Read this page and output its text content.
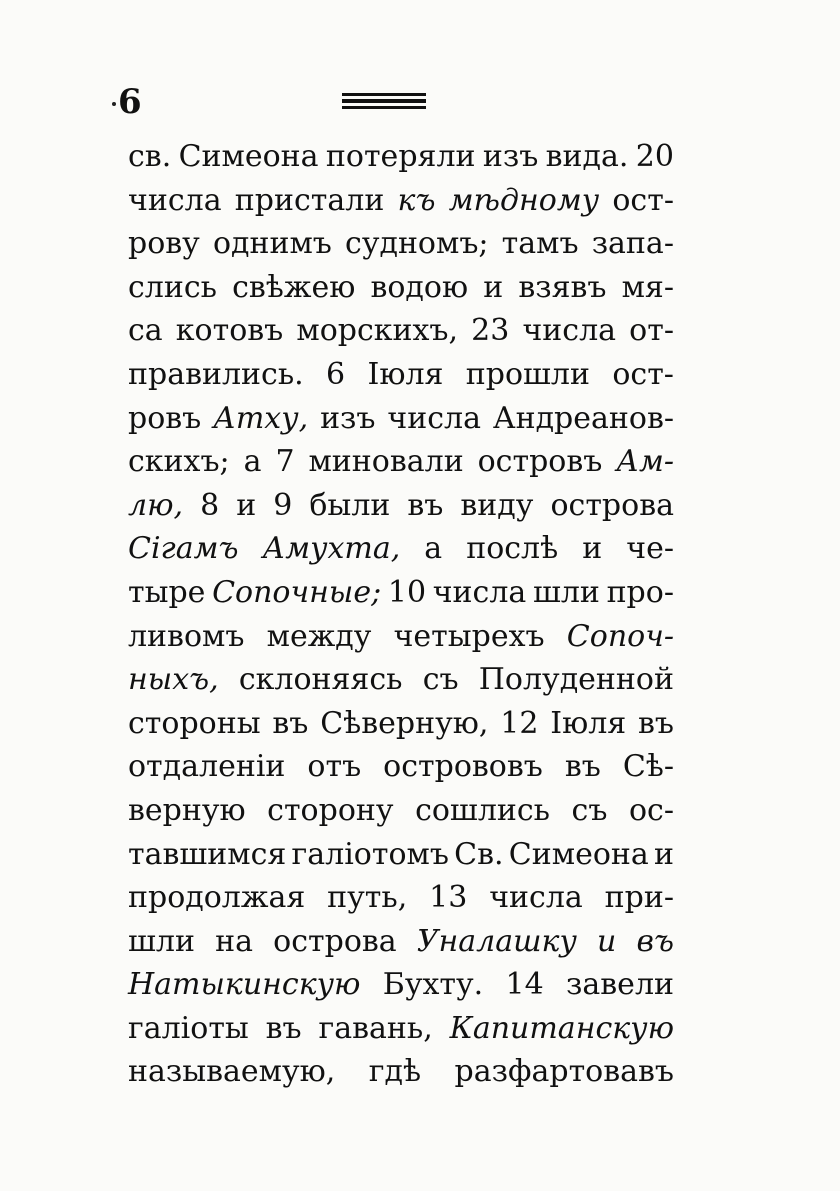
6
св. Симеона потеряли изъ вида. 20
числа пристали къ мѣдному ост-
рову однимъ судномъ; тамъ запа-
слись свѣжею водою и взявъ мя-
са котовъ морскихъ, 23 числа от-
правились. 6 Іюля прошли ост-
ровъ Атху, изъ числа Андреанов-
скихъ; а 7 миновали островъ Ам-
лю, 8 и 9 были въ виду острова
Сігамъ Амухта, а послѣ и че-
тыре Сопочные; 10 числа шли про-
ливомъ между четырехъ Сопоч-
ныхъ, склоняясь съ Полуденной
стороны въ Сѣверную, 12 Іюля въ
отдаленіи отъ острововъ въ Сѣ-
верную сторону сошлись съ ос-
тавшимся галіотомъ Св. Симеона и
продолжая путь, 13 числа при-
шли на острова Уналашку и въ
Натыкинскую Бухту. 14 завели
галіоты въ гавань, Капитанскую
называемую, гдѣ разфартовавъ
